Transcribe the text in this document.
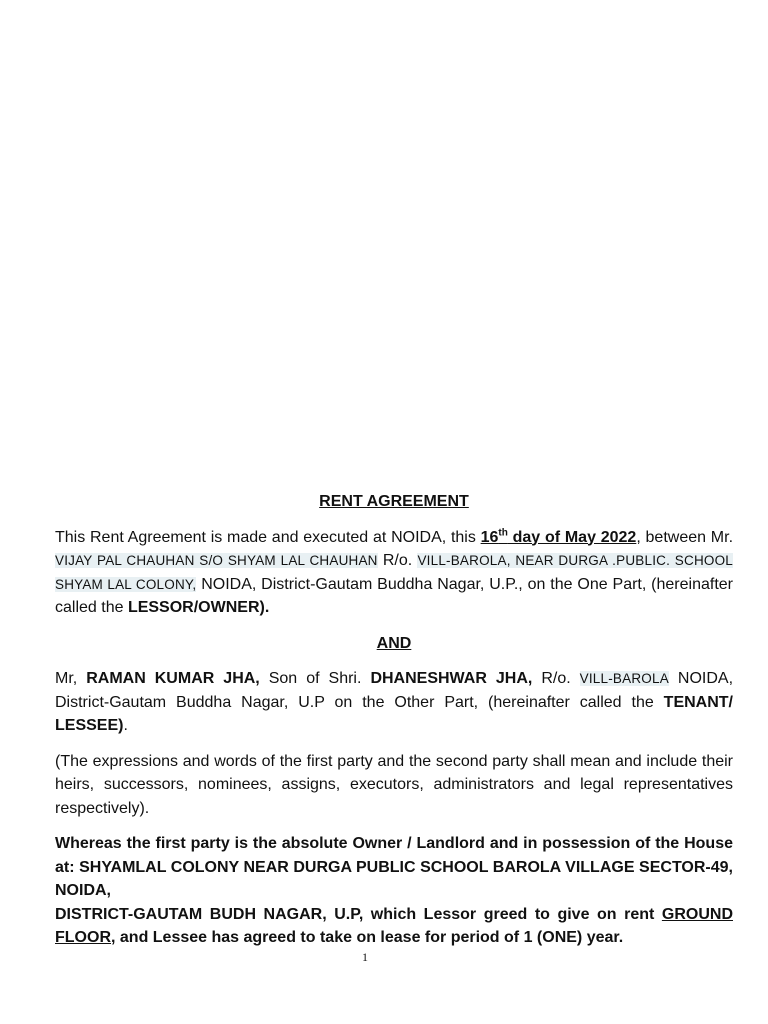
RENT AGREEMENT

This Rent Agreement is made and executed at NOIDA, this 16th day of May 2022, between Mr. VIJAY PAL CHAUHAN S/O SHYAM LAL CHAUHAN R/o. VILL-BAROLA, NEAR DURGA .PUBLIC. SCHOOL SHYAM LAL COLONY, NOIDA, District-Gautam Buddha Nagar, U.P., on the One Part, (hereinafter called the LESSOR/OWNER).

AND

Mr, RAMAN KUMAR JHA, Son of Shri. DHANESHWAR JHA, R/o. VILL-BAROLA NOIDA, District-Gautam Buddha Nagar, U.P on the Other Part, (hereinafter called the TENANT/ LESSEE).

(The expressions and words of the first party and the second party shall mean and include their heirs, successors, nominees, assigns, executors, administrators and legal representatives respectively).

Whereas the first party is the absolute Owner / Landlord and in possession of the House at: SHYAMLAL COLONY NEAR DURGA PUBLIC SCHOOL BAROLA VILLAGE SECTOR-49, NOIDA,
DISTRICT-GAUTAM BUDH NAGAR, U.P, which Lessor greed to give on rent GROUND FLOOR, and Lessee has agreed to take on lease for period of 1 (ONE) year.

1
